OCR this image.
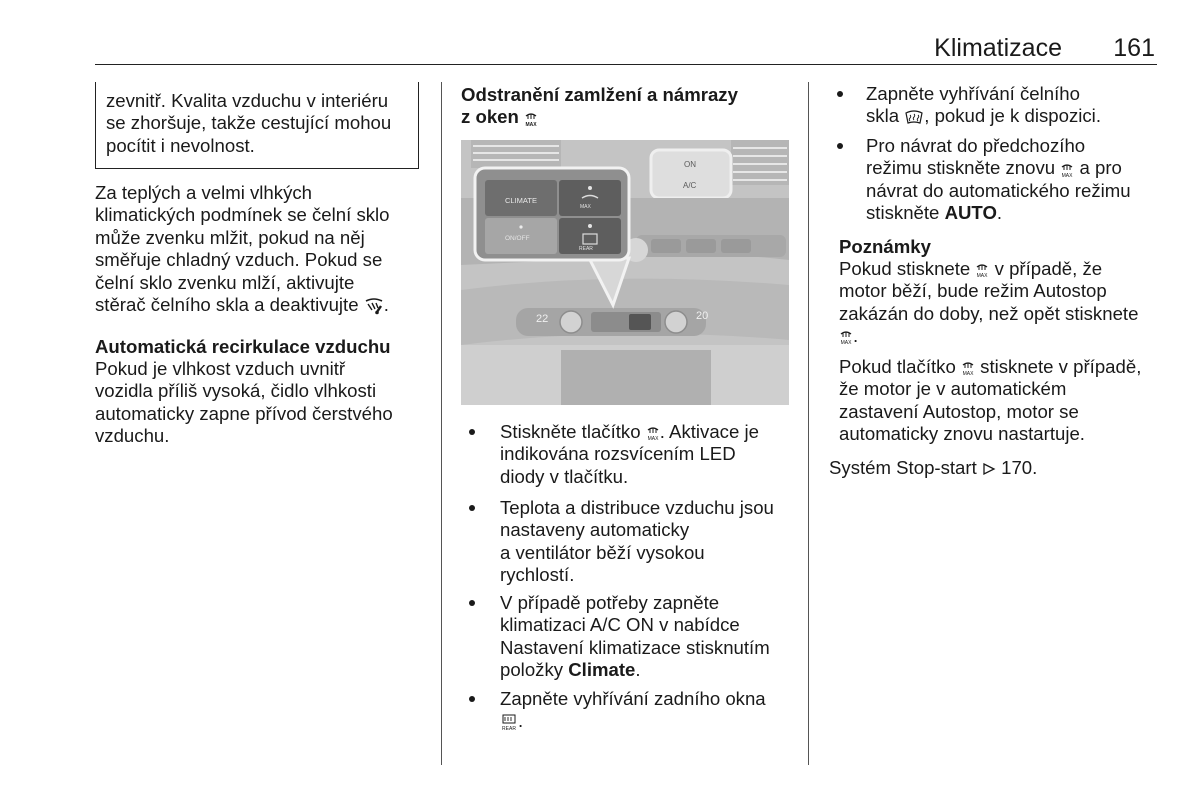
Klimatizace 161
zevnitř. Kvalita vzduchu v interiéru
se zhoršuje, takže cestující mohou
pocítit i nevolnost.
Za teplých a velmi vlhkých
klimatických podmínek se čelní sklo
může zvenku mlžit, pokud na něj
směřuje chladný vzduch. Pokud se
čelní sklo zvenku mlží, aktivujte
stěrač čelního skla a deaktivujte .
Automatická recirkulace vzduchu
Pokud je vlhkost vzduch uvnitř
vozidla příliš vysoká, čidlo vlhkosti
automaticky zapne přívod čerstvého
vzduchu.
Odstranění zamlžení a námrazy
z oken MAX
CLIMATE
MAX
ON/OFF
REAR
ON
A/C
22	20
Stiskněte tlačítko MAX . Aktivace je
indikována rozsvícením LED
diody v tlačítku.
Teplota a distribuce vzduchu jsou
nastaveny automaticky
a ventilátor běží vysokou
rychlostí.
V případě potřeby zapněte
klimatizaci A/C ON v nabídce
Nastavení klimatizace stisknutím
položky Climate.
Zapněte vyhřívání zadního okna
REAR .
Zapněte vyhřívání čelního
skla , pokud je k dispozici.
Pro návrat do předchozího
režimu stiskněte znovu MAX a pro
návrat do automatického režimu
stiskněte AUTO.
Poznámky
Pokud stisknete MAX v případě, že
motor běží, bude režim Autostop
zakázán do doby, než opět stisknete
MAX .
Pokud tlačítko MAX stisknete v případě,
že motor je v automatickém
zastavení Autostop, motor se
automaticky znovu nastartuje.
Systém Stop-start 170.
